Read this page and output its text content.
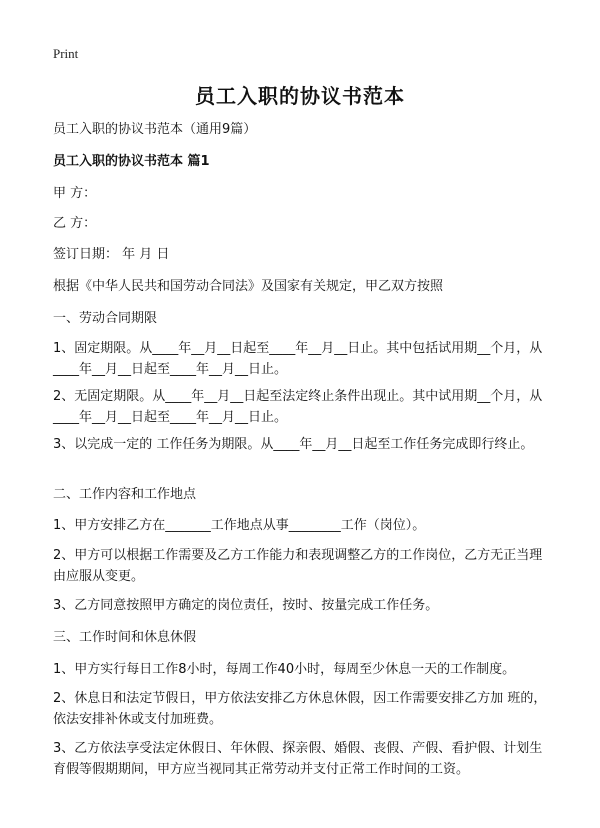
Print
员工入职的协议书范本
员工入职的协议书范本（通用9篇）
员工入职的协议书范本 篇1
甲 方：
乙 方：
签订日期： 年 月 日
根据《中华人民共和国劳动合同法》及国家有关规定，甲乙双方按照
一、劳动合同期限
1、固定期限。从____年__月__日起至____年__月__日止。其中包括试用期__个月，从____年__月__日起至____年__月__日止。
2、无固定期限。从____年__月__日起至法定终止条件出现止。其中试用期__个月，从____年__月__日起至____年__月__日止。
3、以完成一定的 工作任务为期限。从____年__月__日起至工作任务完成即行终止。
二、工作内容和工作地点
1、甲方安排乙方在_______工作地点从事________工作（岗位）。
2、甲方可以根据工作需要及乙方工作能力和表现调整乙方的工作岗位，乙方无正当理由应服从变更。
3、乙方同意按照甲方确定的岗位责任，按时、按量完成工作任务。
三、工作时间和休息休假
1、甲方实行每日工作8小时，每周工作40小时，每周至少休息一天的工作制度。
2、休息日和法定节假日，甲方依法安排乙方休息休假，因工作需要安排乙方加 班的，依法安排补休或支付加班费。
3、乙方依法享受法定休假日、年休假、探亲假、婚假、丧假、产假、看护假、计划生育假等假期期间，甲方应当视同其正常劳动并支付正常工作时间的工资。
